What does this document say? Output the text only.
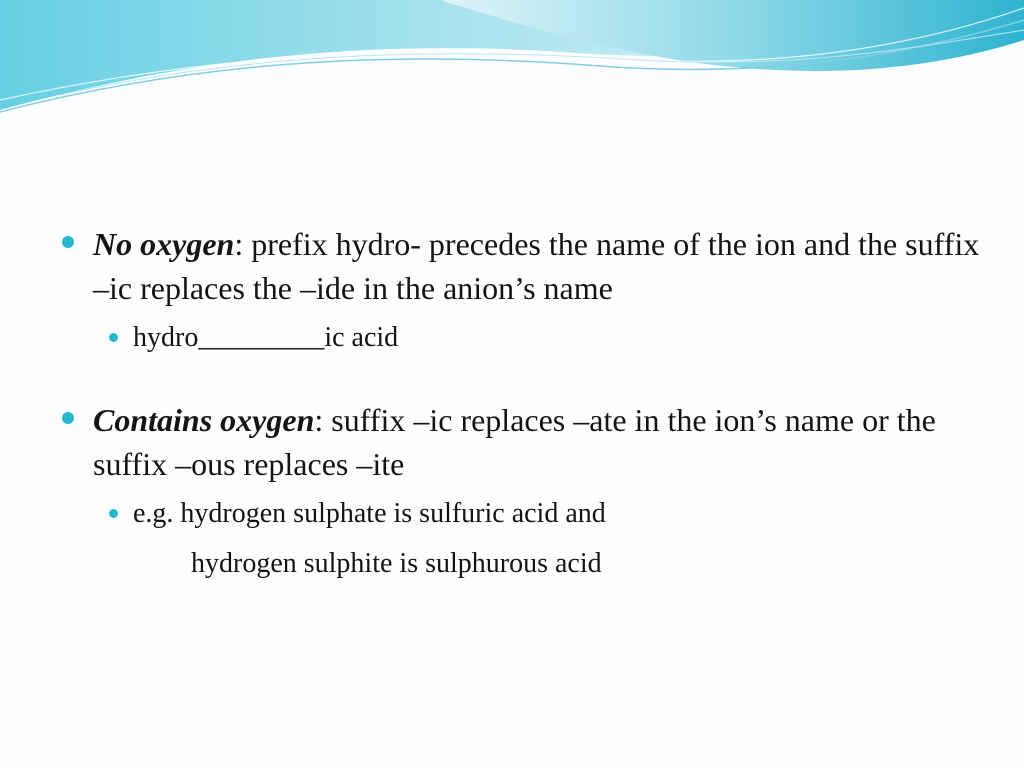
No oxygen: prefix hydro- precedes the name of the ion and the suffix –ic replaces the –ide in the anion’s name
hydro_________ic acid
Contains oxygen: suffix –ic replaces –ate in the ion’s name or the suffix –ous replaces –ite
e.g. hydrogen sulphate is sulfuric acid and
hydrogen sulphite is sulphurous acid
